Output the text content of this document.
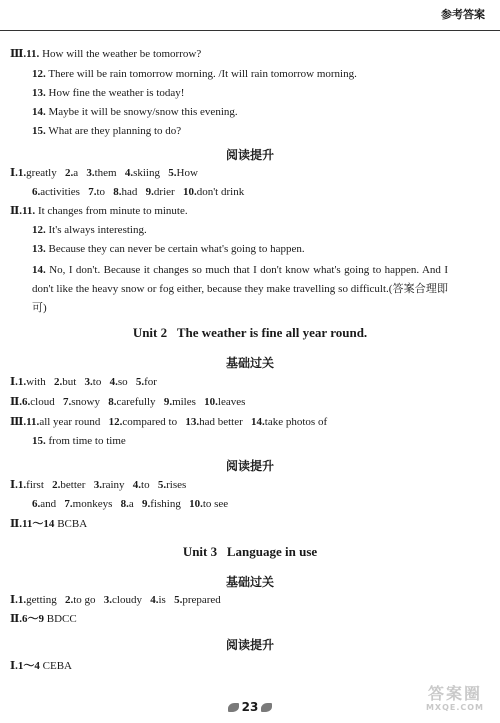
参考答案
Ⅲ.11. How will the weather be tomorrow?
12. There will be rain tomorrow morning. /It will rain tomorrow morning.
13. How fine the weather is today!
14. Maybe it will be snowy/snow this evening.
15. What are they planning to do?
阅读提升
Ⅰ.1.greatly 2.a 3.them 4.skiing 5.How
6.activities 7.to 8.had 9.drier 10.don't drink
Ⅱ.11. It changes from minute to minute.
12. It's always interesting.
13. Because they can never be certain what's going to happen.
14. No, I don't. Because it changes so much that I don't know what's going to happen. And I don't like the heavy snow or fog either, because they make travelling so difficult.(答案合理即可)
Unit 2 The weather is fine all year round.
基础过关
Ⅰ.1.with 2.but 3.to 4.so 5.for
Ⅱ.6.cloud 7.snowy 8.carefully 9.miles 10.leaves
Ⅲ.11.all year round 12.compared to 13.had better 14.take photos of
15. from time to time
阅读提升
Ⅰ.1.first 2.better 3.rainy 4.to 5.rises
6.and 7.monkeys 8.a 9.fishing 10.to see
Ⅱ.11～14 BCBA
Unit 3 Language in use
基础过关
Ⅰ.1.getting 2.to go 3.cloudy 4.is 5.prepared
Ⅱ.6～9 BDCC
阅读提升
Ⅰ.1～4 CEBA
23
答案圈
MXQE.COM
